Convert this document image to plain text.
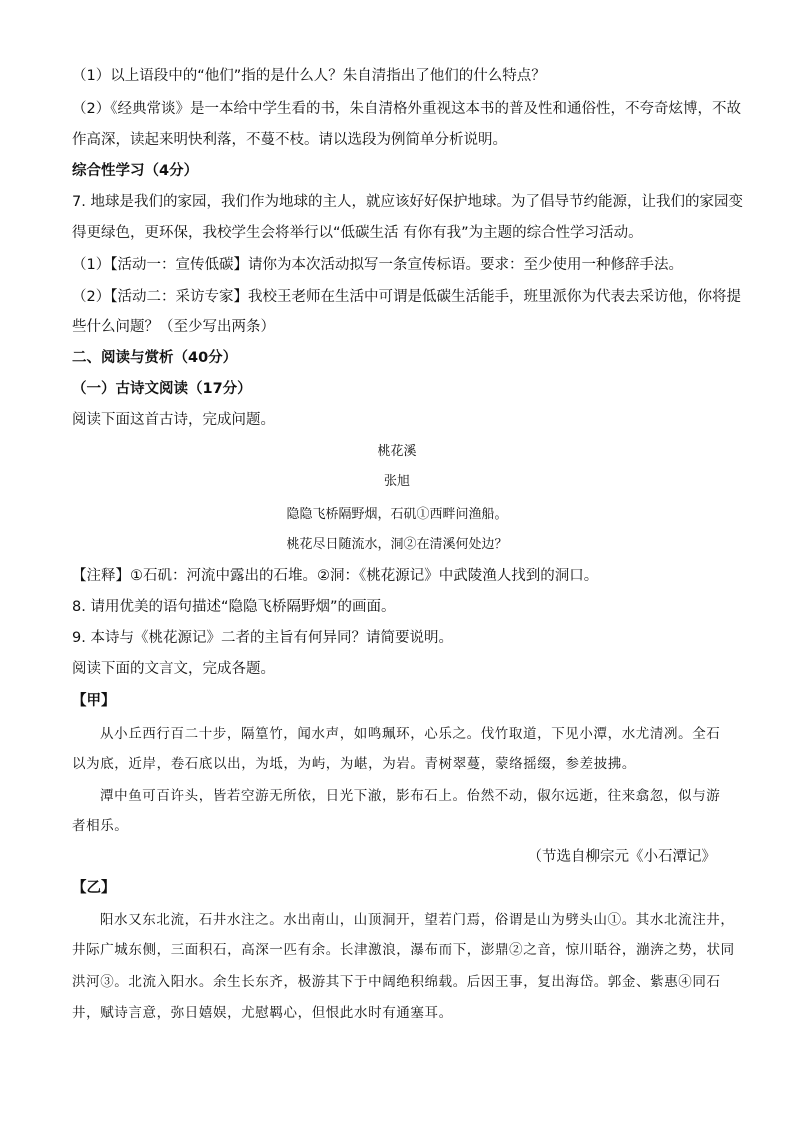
（1）以上语段中的“他们”指的是什么人？朱自清指出了他们的什么特点？
（2）《经典常谈》是一本给中学生看的书，朱自清格外重视这本书的普及性和通俗性，不夸奇炫博，不故
作高深，读起来明快利落，不蔓不枝。请以选段为例简单分析说明。
综合性学习（4分）
7. 地球是我们的家园，我们作为地球的主人，就应该好好保护地球。为了倡导节约能源，让我们的家园变
得更绿色，更环保，我校学生会将举行以“低碳生活 有你有我”为主题的综合性学习活动。
（1）【活动一：宣传低碳】请你为本次活动拟写一条宣传标语。要求：至少使用一种修辞手法。
（2）【活动二：采访专家】我校王老师在生活中可谓是低碳生活能手，班里派你为代表去采访他，你将提
些什么问题？（至少写出两条）
二、阅读与赏析（40分）
（一）古诗文阅读（17分）
阅读下面这首古诗，完成问题。
桃花溪
张旭
隐隐飞桥隔野烟，石矶①西畔问渔船。
桃花尽日随流水，洞②在清溪何处边？
【注释】①石矶：河流中露出的石堆。②洞：《桃花源记》中武陵渔人找到的洞口。
8. 请用优美的语句描述“隐隐飞桥隔野烟”的画面。
9. 本诗与《桃花源记》二者的主旨有何异同？请简要说明。
阅读下面的文言文，完成各题。
【甲】
从小丘西行百二十步，隔篁竹，闻水声，如鸣珮环，心乐之。伐竹取道，下见小潭，水尤清冽。全石
以为底，近岸，卷石底以出，为坻，为屿，为嵁，为岩。青树翠蔓，蒙络摇缀，参差披拂。
潭中鱼可百许头，皆若空游无所依，日光下澈，影布石上。佁然不动，俶尔远逝，往来翕忽，似与游
者相乐。
（节选自柳宗元《小石潭记》
【乙】
阳水又东北流，石井水注之。水出南山，山顶洞开，望若门焉，俗谓是山为劈头山①。其水北流注井，
井际广城东侧，三面积石，高深一匹有余。长津激浪，瀑布而下，澎鼎②之音，惊川聒谷，漰渀之势，状同
洪河③。北流入阳水。余生长东齐，极游其下于中阔绝积绵载。后因王事，复出海岱。郭金、紫惠④同石
井，赋诗言意，弥日嬉娱，尤慰羁心，但恨此水时有通塞耳。
